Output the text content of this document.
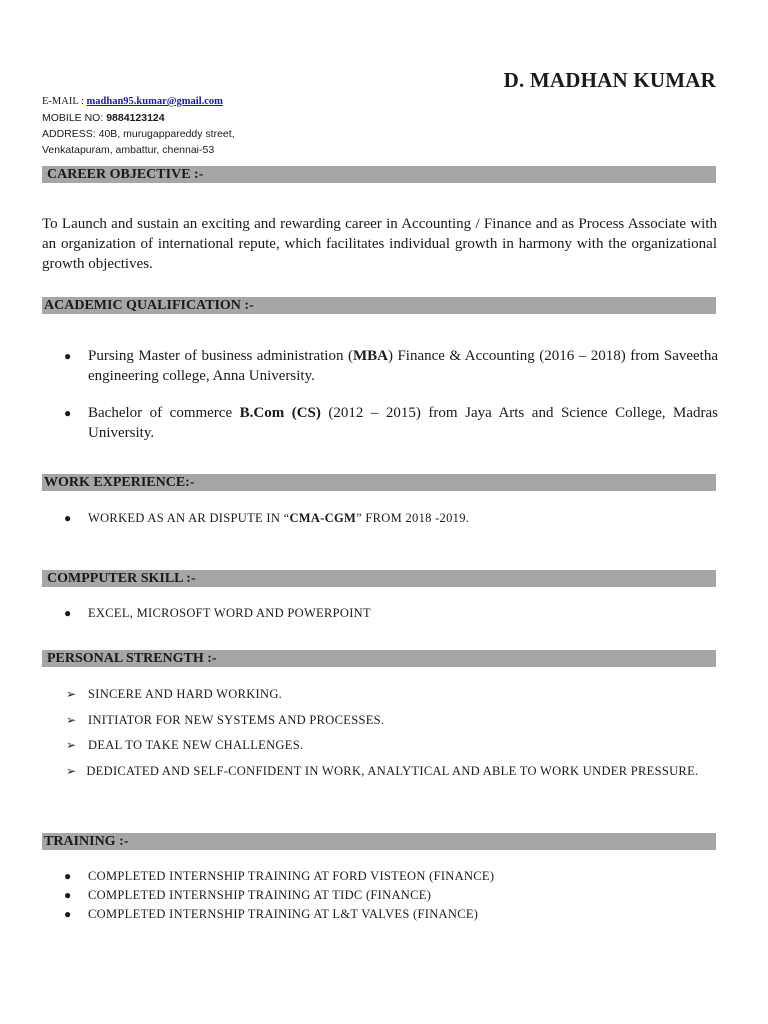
D. MADHAN KUMAR
E-MAIL : madhan95.kumar@gmail.com
MOBILE NO: 9884123124
ADDRESS: 40B, murugappareddy street,
Venkatapuram, ambattur, chennai-53
CAREER OBJECTIVE :-

To Launch and sustain an exciting and rewarding career in Accounting / Finance and as Process Associate with an organization of international repute, which facilitates individual growth in harmony with the organizational growth objectives.

ACADEMIC QUALIFICATION :-
● Pursing Master of business administration (MBA) Finance & Accounting (2016 – 2018) from Saveetha engineering college, Anna University.
● Bachelor of commerce B.Com (CS) (2012 – 2015) from Jaya Arts and Science College, Madras University.
WORK EXPERIENCE:-
● WORKED AS AN AR DISPUTE IN “CMA-CGM” FROM 2018 -2019.
COMPPUTER SKILL :-
● EXCEL, MICROSOFT WORD AND POWERPOINT
PERSONAL STRENGTH :-
➢ SINCERE AND HARD WORKING.
➢ INITIATOR FOR NEW SYSTEMS AND PROCESSES.
➢ DEAL TO TAKE NEW CHALLENGES.
➢ DEDICATED AND SELF-CONFIDENT IN WORK, ANALYTICAL AND ABLE TO WORK UNDER PRESSURE.
TRAINING :-
● COMPLETED INTERNSHIP TRAINING AT FORD VISTEON (FINANCE)
● COMPLETED INTERNSHIP TRAINING AT TIDC (FINANCE)
● COMPLETED INTERNSHIP TRAINING AT L&T VALVES (FINANCE)
